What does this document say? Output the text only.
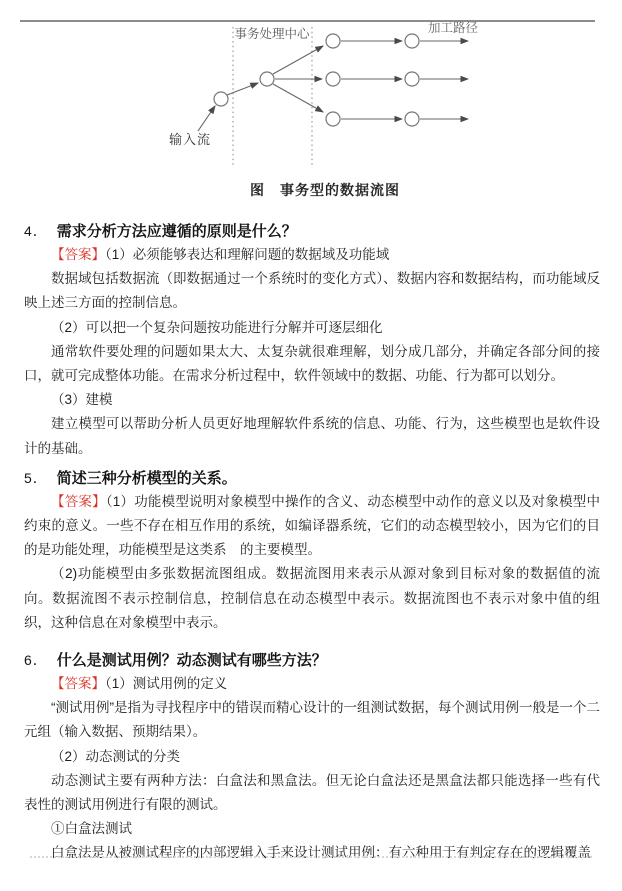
事务处理中心	加工路径
输入流
图　事务型的数据流图
4． 需求分析方法应遵循的原则是什么？

【答案】（1）必须能够表达和理解问题的数据域及功能域

数据域包括数据流（即数据通过一个系统时的变化方式）、数据内容和数据结构，而功能域反映上述三方面的控制信息。

（2）可以把一个复杂问题按功能进行分解并可逐层细化

通常软件要处理的问题如果太大、太复杂就很难理解，划分成几部分，并确定各部分间的接口，就可完成整体功能。在需求分析过程中，软件领域中的数据、功能、行为都可以划分。

（3）建模

建立模型可以帮助分析人员更好地理解软件系统的信息、功能、行为，这些模型也是软件设计的基础。

5． 简述三种分析模型的关系。

【答案】（1）功能模型说明对象模型中操作的含义、动态模型中动作的意义以及对象模型中约束的意义。一些不存在相互作用的系统，如编译器系统，它们的动态模型较小，因为它们的目的是功能处理，功能模型是这类系　的主要模型。

（2)功能模型由多张数据流图组成。数据流图用来表示从源对象到目标对象的数据值的流向。数据流图不表示控制信息，控制信息在动态模型中表示。数据流图也不表示对象中值的组织，这种信息在对象模型中表示。

6． 什么是测试用例？动态测试有哪些方法？

【答案】（1）测试用例的定义

“测试用例”是指为寻找程序中的错误而精心设计的一组测试数据，每个测试用例一般是一个二元组（输入数据、预期结果）。

（2）动态测试的分类

动态测试主要有两种方法：白盒法和黑盒法。但无论白盒法还是黑盒法都只能选择一些有代表性的测试用例进行有限的测试。

①白盒法测试

白盒法是从被测试程序的内部逻辑入手来设计测试用例：有六种用于有判定存在的逻辑覆盖
